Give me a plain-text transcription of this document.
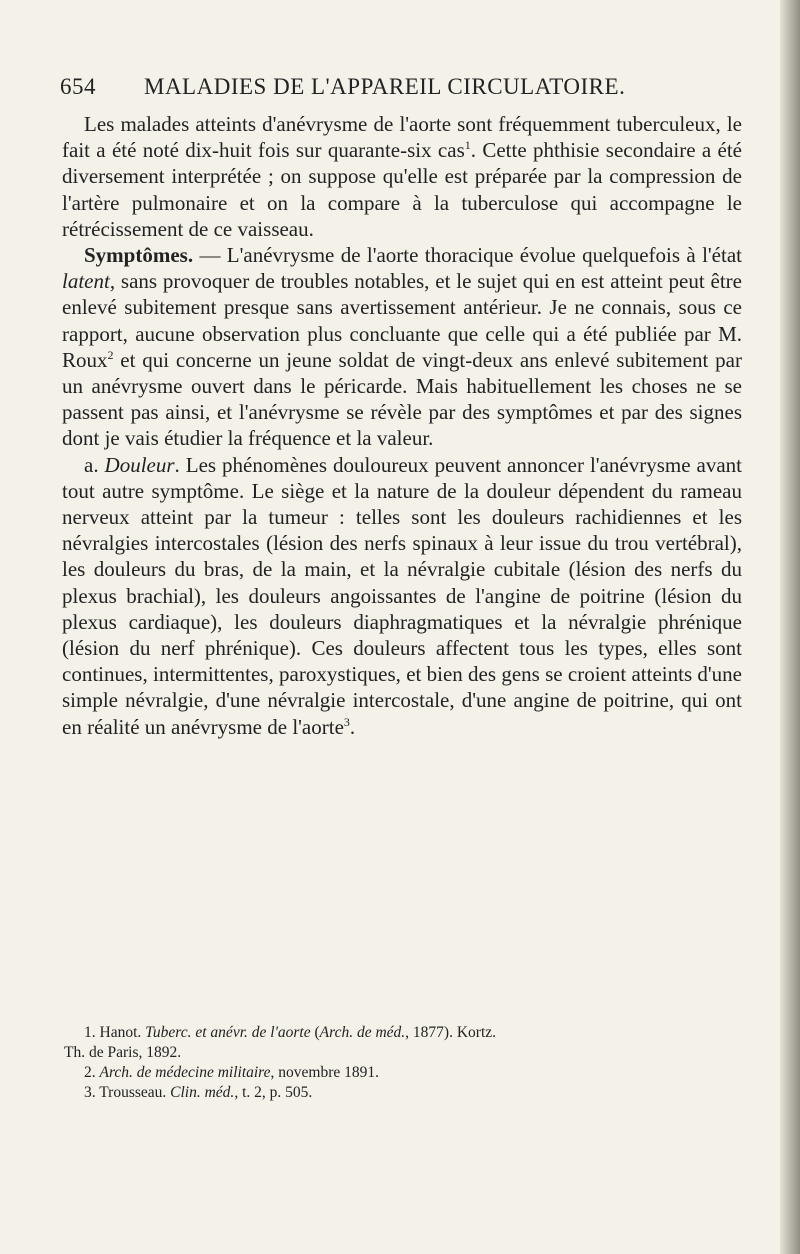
654 MALADIES DE L'APPAREIL CIRCULATOIRE.

Les malades atteints d'anévrysme de l'aorte sont fréquemment tuberculeux, le fait a été noté dix-huit fois sur quarante-six cas$^1$. Cette phthisie secondaire a été diversement interprétée ; on suppose qu'elle est préparée par la compression de l'artère pulmonaire et on la compare à la tuberculose qui accompagne le rétrécissement de ce vaisseau.

Symptômes. — L'anévrysme de l'aorte thoracique évolue quelquefois à l'état latent, sans provoquer de troubles notables, et le sujet qui en est atteint peut être enlevé subitement presque sans avertissement antérieur. Je ne connais, sous ce rapport, aucune observation plus concluante que celle qui a été publiée par M. Roux$^2$ et qui concerne un jeune soldat de vingt-deux ans enlevé subitement par un anévrysme ouvert dans le péricarde. Mais habituellement les choses ne se passent pas ainsi, et l'anévrysme se révèle par des symptômes et par des signes dont je vais étudier la fréquence et la valeur.

a. Douleur. Les phénomènes douloureux peuvent annoncer l'anévrysme avant tout autre symptôme. Le siège et la nature de la douleur dépendent du rameau nerveux atteint par la tumeur : telles sont les douleurs rachidiennes et les névralgies intercostales (lésion des nerfs spinaux à leur issue du trou vertébral), les douleurs du bras, de la main, et la névralgie cubitale (lésion des nerfs du plexus brachial), les douleurs angoissantes de l'angine de poitrine (lésion du plexus cardiaque), les douleurs diaphragmatiques et la névralgie phrénique (lésion du nerf phrénique). Ces douleurs affectent tous les types, elles sont continues, intermittentes, paroxystiques, et bien des gens se croient atteints d'une simple névralgie, d'une névralgie intercostale, d'une angine de poitrine, qui ont en réalité un anévrysme de l'aorte$^3$.

1. Hanot. Tuberc. et anévr. de l'aorte (Arch. de méd., 1877). Kortz.

Th. de Paris, 1892.

2. Arch. de médecine militaire, novembre 1891.

3. Trousseau. Clin. méd., t. 2, p. 505.
